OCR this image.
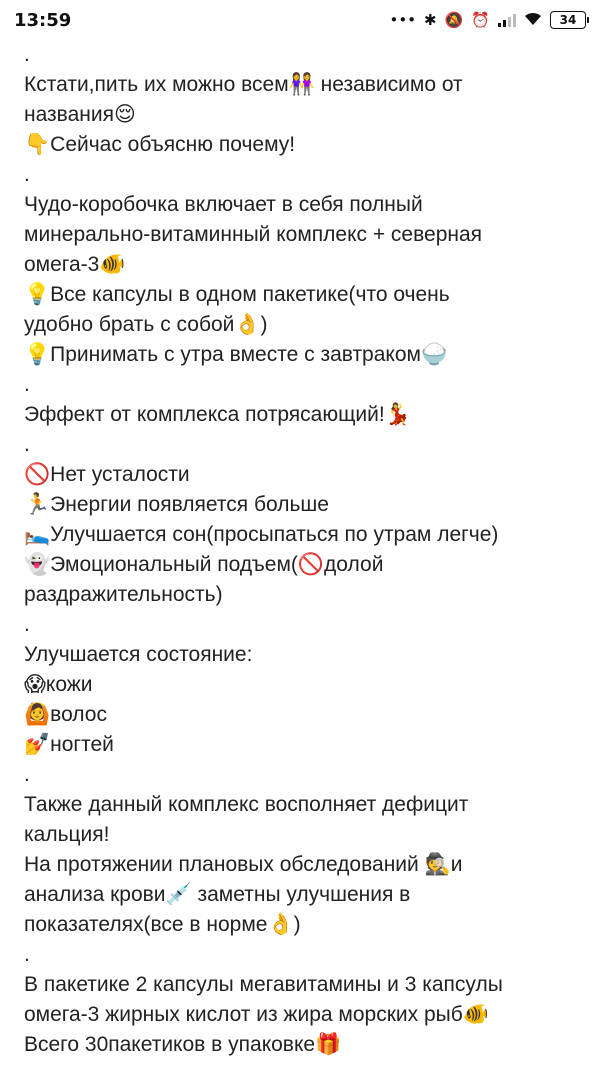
13:59	••• ✱ 🔕 ⏰	34
.
Кстати,пить их можно всем👭 независимо от
названия😌
👇Сейчас объясню почему!
.
Чудо-коробочка включает в себя полный
минерально-витаминный комплекс + северная
омега-3🐠
💡Все капсулы в одном пакетике(что очень
удобно брать с собой👌)
💡Принимать с утра вместе с завтраком🍚
.
Эффект от комплекса потрясающий!💃
.
🚫Нет усталости
🏃Энергии появляется больше
🛌Улучшается сон(просыпаться по утрам легче)
👻Эмоциональный подъем(🚫долой
раздражительность)
.
Улучшается состояние:
😱кожи
🙆волос
💅ногтей
.
Также данный комплекс восполняет дефицит
кальция!
На протяжении плановых обследований 🕵и
анализа крови💉 заметны улучшения в
показателях(все в норме👌)
.
В пакетике 2 капсулы мегавитамины и 3 капсулы
омега-3 жирных кислот из жира морских рыб🐠
Всего 30пакетиков в упаковке🎁
